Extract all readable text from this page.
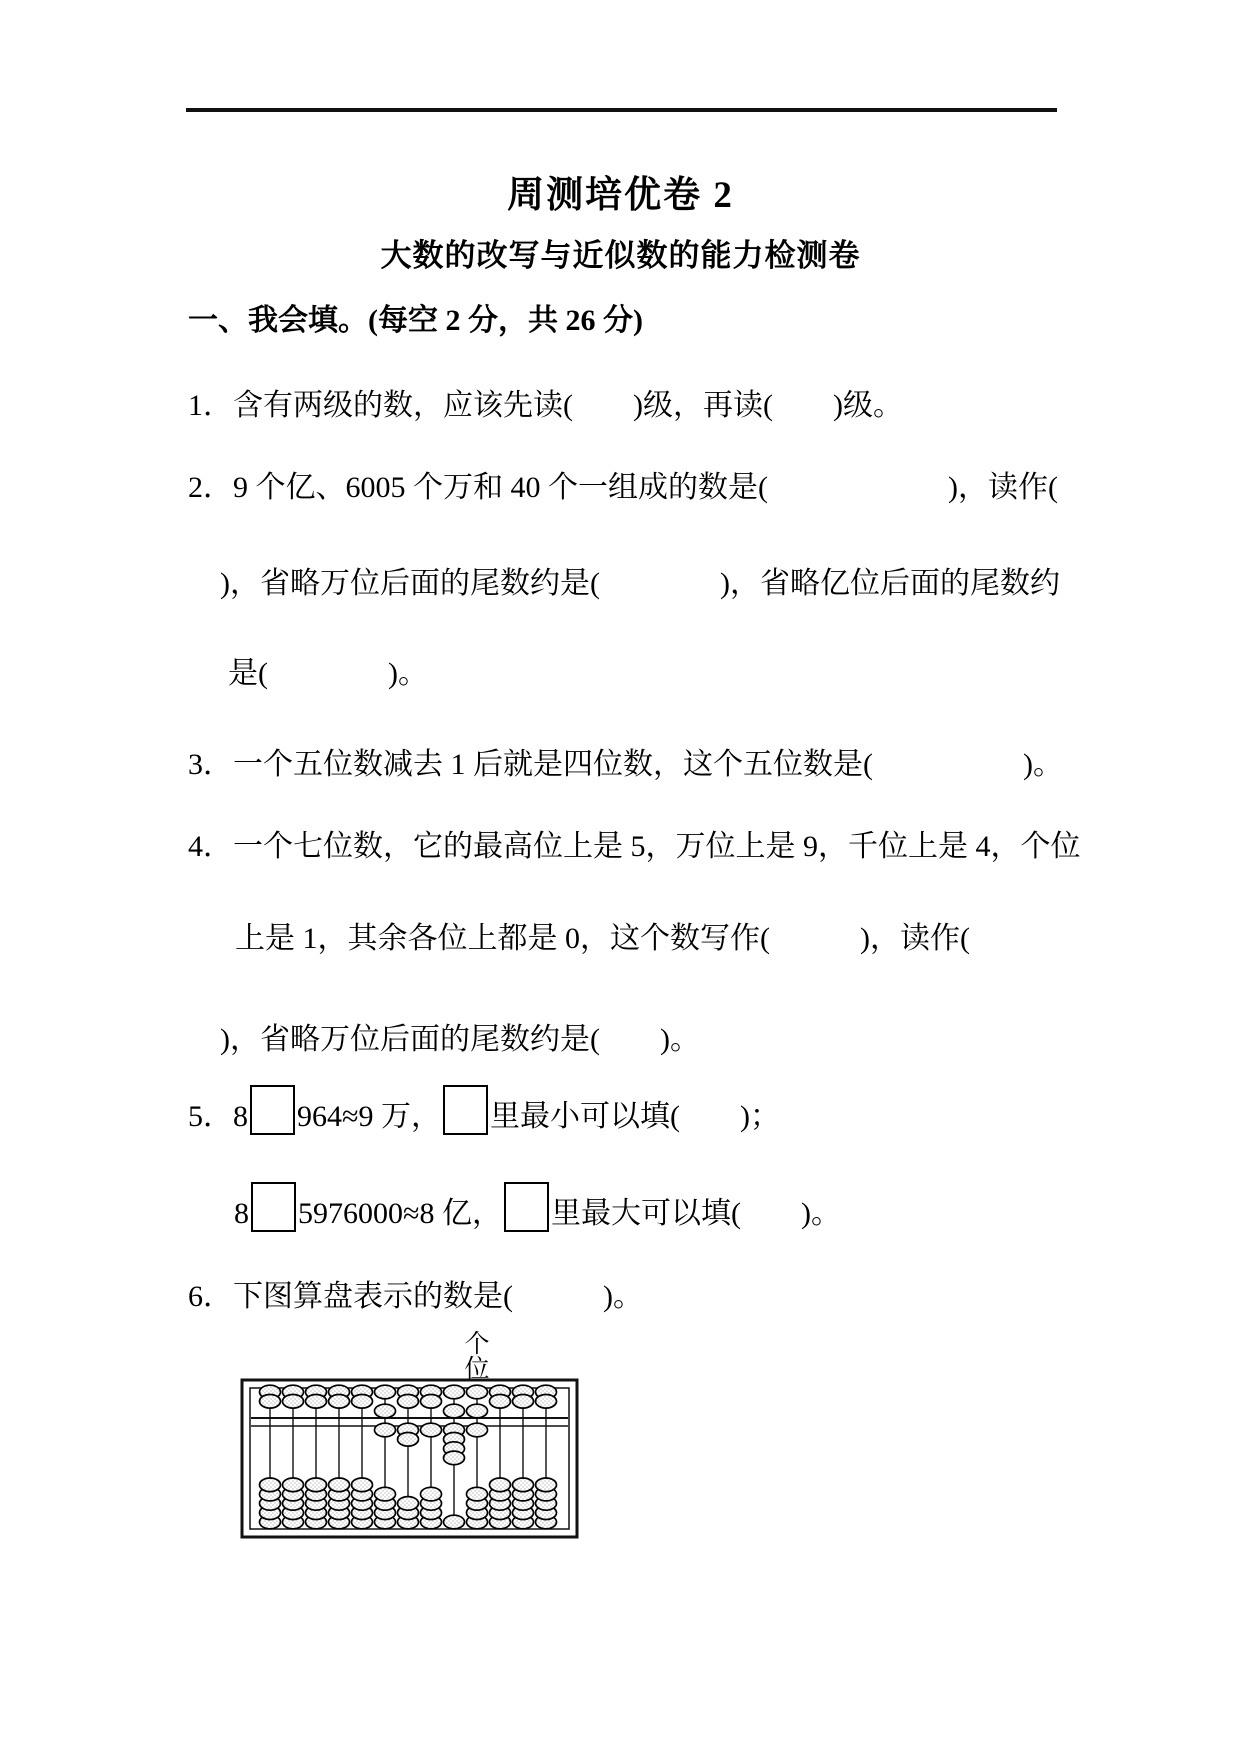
周测培优卷 2
大数的改写与近似数的能力检测卷
一、我会填。(每空 2 分，共 26 分)
1．含有两级的数，应该先读(　　)级，再读(　　)级。
2．9 个亿、6005 个万和 40 个一组成的数是(　　　　　　)，读作(
)，省略万位后面的尾数约是(　　　　)，省略亿位后面的尾数约
是(　　　　)。
3．一个五位数减去 1 后就是四位数，这个五位数是(　　　　　)。
4．一个七位数，它的最高位上是 5，万位上是 9，千位上是 4，个位
上是 1，其余各位上都是 0，这个数写作(　　　)，读作(
)，省略万位后面的尾数约是(　　)。
5．8 964≈9 万， 里最小可以填(　　)；
8 5976000≈8 亿， 里最大可以填(　　)。
6．下图算盘表示的数是(　　　)。
个
位
